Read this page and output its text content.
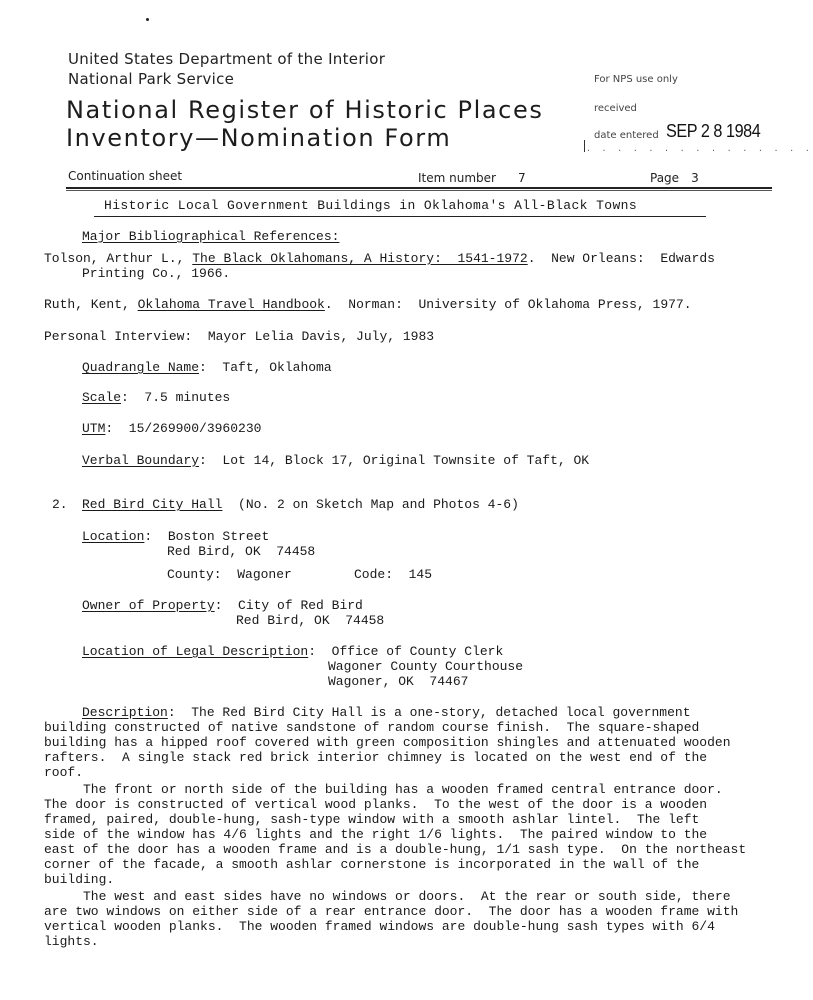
United States Department of the Interior
National Park Service
National Register of Historic Places
Inventory—Nomination Form
For NPS use only
received
date entered SEP 2 8 1984
· · · · · · · · · · · · · · ·
Continuation sheet	Item number 7	Page 3
Historic Local Government Buildings in Oklahoma's All-Black Towns
Major Bibliographical References:
Tolson, Arthur L., The Black Oklahomans, A History:  1541-1972.  New Orleans:  Edwards
Printing Co., 1966.
Ruth, Kent, Oklahoma Travel Handbook.  Norman:  University of Oklahoma Press, 1977.
Personal Interview:  Mayor Lelia Davis, July, 1983
Quadrangle Name:  Taft, Oklahoma
Scale:  7.5 minutes
UTM:  15/269900/3960230
Verbal Boundary:  Lot 14, Block 17, Original Townsite of Taft, OK
2. Red Bird City Hall  (No. 2 on Sketch Map and Photos 4-6)
Location:  Boston Street
Red Bird, OK  74458
County:  Wagoner	Code:  145
Owner of Property:  City of Red Bird
Red Bird, OK  74458
Location of Legal Description:  Office of County Clerk
Wagoner County Courthouse
Wagoner, OK  74467
Description:  The Red Bird City Hall is a one-story, detached local government
building constructed of native sandstone of random course finish.  The square-shaped
building has a hipped roof covered with green composition shingles and attenuated wooden
rafters.  A single stack red brick interior chimney is located on the west end of the
roof.
The front or north side of the building has a wooden framed central entrance door.
The door is constructed of vertical wood planks.  To the west of the door is a wooden
framed, paired, double-hung, sash-type window with a smooth ashlar lintel.  The left
side of the window has 4/6 lights and the right 1/6 lights.  The paired window to the
east of the door has a wooden frame and is a double-hung, 1/1 sash type.  On the northeast
corner of the facade, a smooth ashlar cornerstone is incorporated in the wall of the
building.
The west and east sides have no windows or doors.  At the rear or south side, there
are two windows on either side of a rear entrance door.  The door has a wooden frame with
vertical wooden planks.  The wooden framed windows are double-hung sash types with 6/4
lights.
